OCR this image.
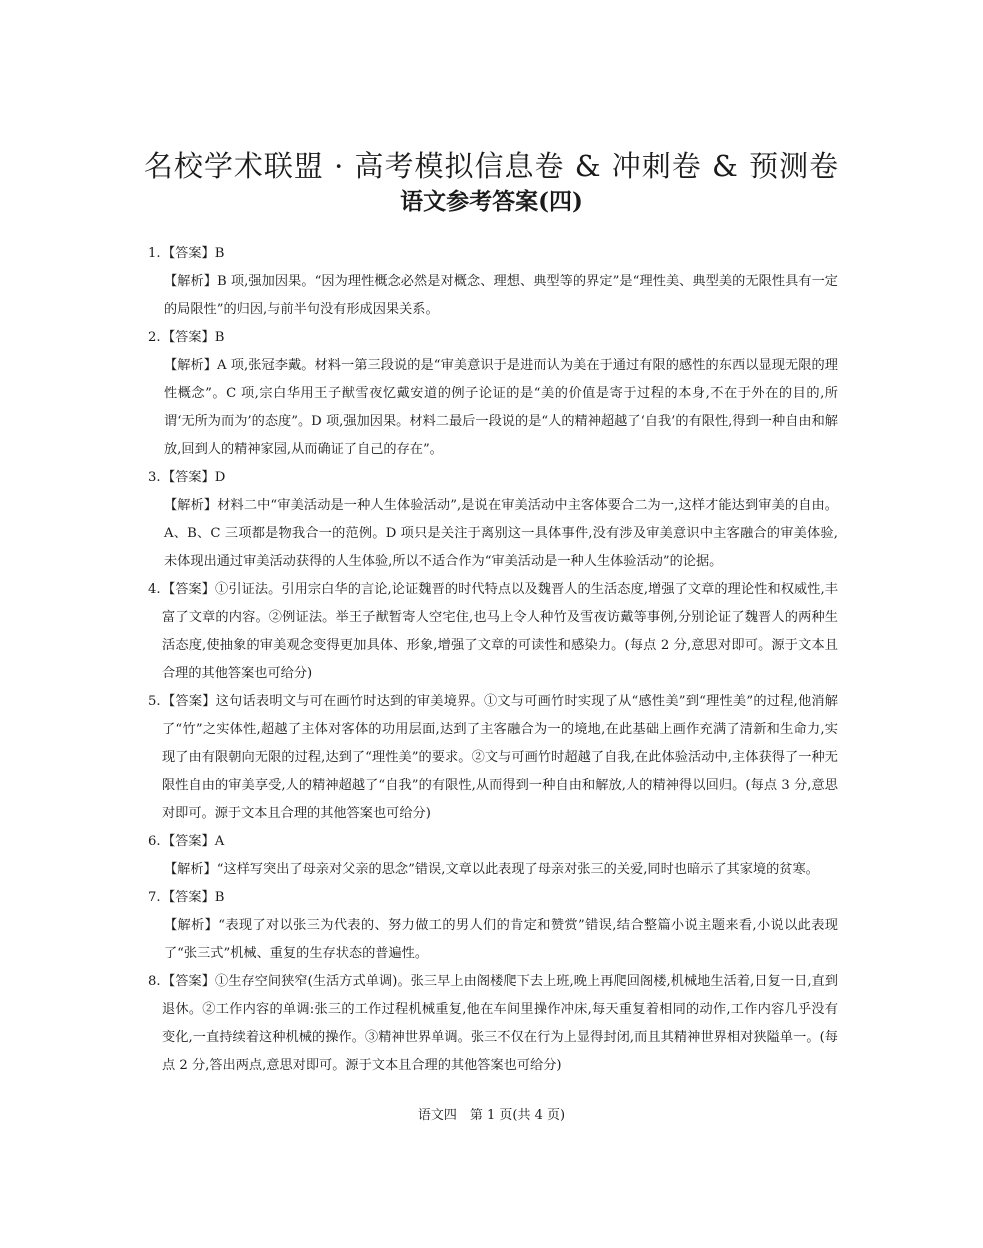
名校学术联盟 · 高考模拟信息卷 & 冲刺卷 & 预测卷
语文参考答案(四)
1.【答案】B
【解析】B 项,强加因果。“因为理性概念必然是对概念、理想、典型等的界定”是“理性美、典型美的无限性具有一定的局限性”的归因,与前半句没有形成因果关系。
2.【答案】B
【解析】A 项,张冠李戴。材料一第三段说的是“审美意识于是进而认为美在于通过有限的感性的东西以显现无限的理性概念”。C 项,宗白华用王子猷雪夜忆戴安道的例子论证的是“美的价值是寄于过程的本身,不在于外在的目的,所谓‘无所为而为’的态度”。D 项,强加因果。材料二最后一段说的是“人的精神超越了‘自我’的有限性,得到一种自由和解放,回到人的精神家园,从而确证了自己的存在”。
3.【答案】D
【解析】材料二中“审美活动是一种人生体验活动”,是说在审美活动中主客体要合二为一,这样才能达到审美的自由。A、B、C 三项都是物我合一的范例。D 项只是关注于离别这一具体事件,没有涉及审美意识中主客融合的审美体验,未体现出通过审美活动获得的人生体验,所以不适合作为“审美活动是一种人生体验活动”的论据。
4. 【答案】①引证法。引用宗白华的言论,论证魏晋的时代特点以及魏晋人的生活态度,增强了文章的理论性和权威性,丰富了文章的内容。②例证法。举王子猷暂寄人空宅住,也马上令人种竹及雪夜访戴等事例,分别论证了魏晋人的两种生活态度,使抽象的审美观念变得更加具体、形象,增强了文章的可读性和感染力。(每点 2 分,意思对即可。源于文本且合理的其他答案也可给分)
5. 【答案】这句话表明文与可在画竹时达到的审美境界。①文与可画竹时实现了从“感性美”到“理性美”的过程,他消解了“竹”之实体性,超越了主体对客体的功用层面,达到了主客融合为一的境地,在此基础上画作充满了清新和生命力,实现了由有限朝向无限的过程,达到了“理性美”的要求。②文与可画竹时超越了自我,在此体验活动中,主体获得了一种无限性自由的审美享受,人的精神超越了“自我”的有限性,从而得到一种自由和解放,人的精神得以回归。(每点 3 分,意思对即可。源于文本且合理的其他答案也可给分)
6.【答案】A
【解析】“这样写突出了母亲对父亲的思念”错误,文章以此表现了母亲对张三的关爱,同时也暗示了其家境的贫寒。
7.【答案】B
【解析】“表现了对以张三为代表的、努力做工的男人们的肯定和赞赏”错误,结合整篇小说主题来看,小说以此表现了“张三式”机械、重复的生存状态的普遍性。
8. 【答案】①生存空间狭窄(生活方式单调)。张三早上由阁楼爬下去上班,晚上再爬回阁楼,机械地生活着,日复一日,直到退休。②工作内容的单调:张三的工作过程机械重复,他在车间里操作冲床,每天重复着相同的动作,工作内容几乎没有变化,一直持续着这种机械的操作。③精神世界单调。张三不仅在行为上显得封闭,而且其精神世界相对狭隘单一。(每点 2 分,答出两点,意思对即可。源于文本且合理的其他答案也可给分)
语文四　第 1 页(共 4 页)
